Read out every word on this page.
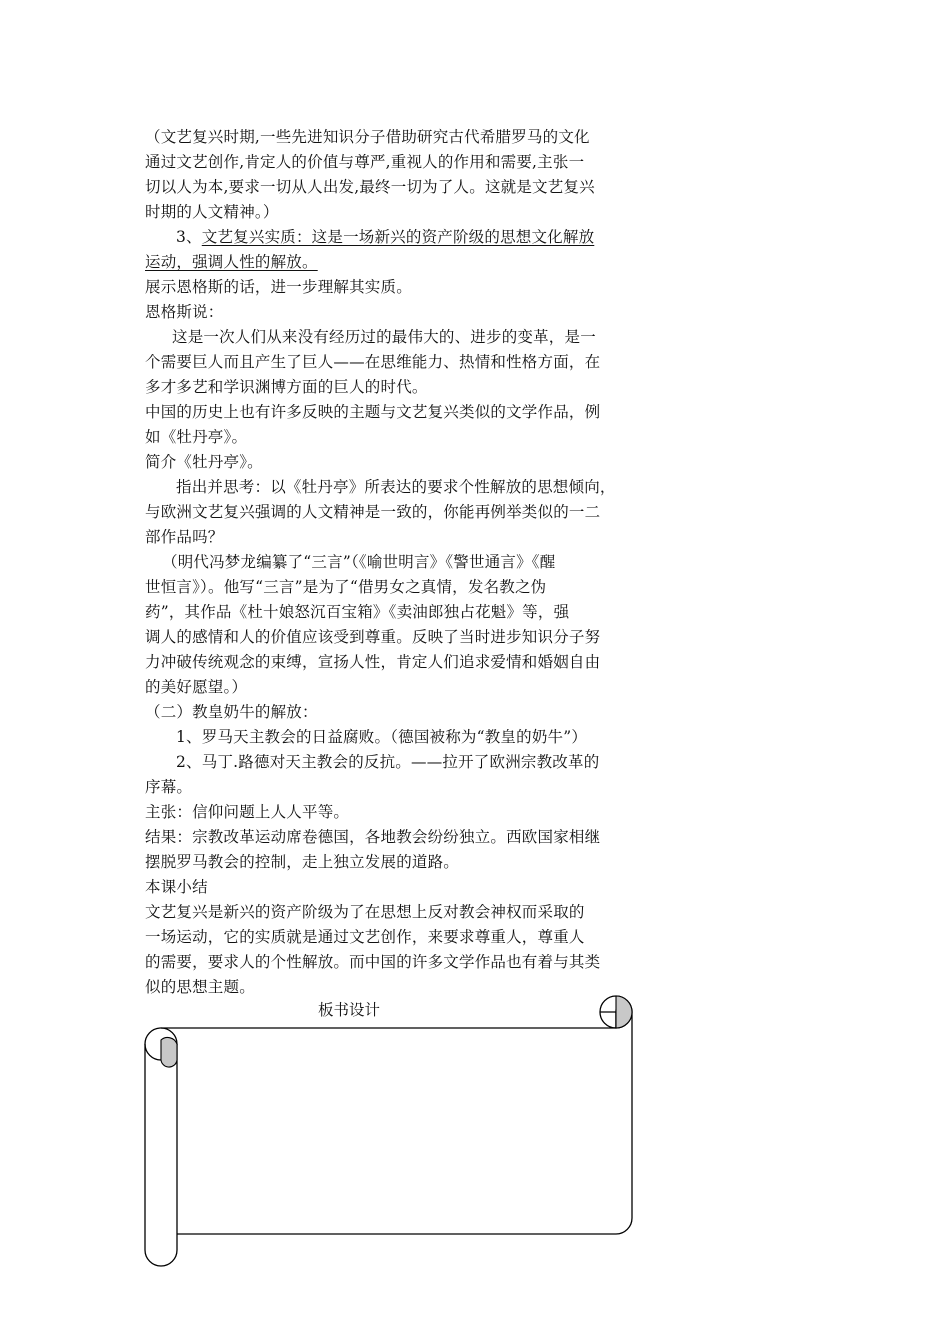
（文艺复兴时期,一些先进知识分子借助研究古代希腊罗马的文化
通过文艺创作,肯定人的价值与尊严,重视人的作用和需要,主张一
切以人为本,要求一切从人出发,最终一切为了人。这就是文艺复兴
时期的人文精神。）
3、文艺复兴实质：这是一场新兴的资产阶级的思想文化解放
运动，强调人性的解放。
展示恩格斯的话，进一步理解其实质。
恩格斯说：
这是一次人们从来没有经历过的最伟大的、进步的变革，是一
个需要巨人而且产生了巨人——在思维能力、热情和性格方面，在
多才多艺和学识渊博方面的巨人的时代。
中国的历史上也有许多反映的主题与文艺复兴类似的文学作品，例
如《牡丹亭》。
简介《牡丹亭》。
指出并思考：以《牡丹亭》所表达的要求个性解放的思想倾向，
与欧洲文艺复兴强调的人文精神是一致的，你能再例举类似的一二
部作品吗？
（明代冯梦龙编纂了“三言”（《喻世明言》《警世通言》《醒
世恒言》）。他写“三言”是为了“借男女之真情，发名教之伪
药”，其作品《杜十娘怒沉百宝箱》《卖油郎独占花魁》等，强
调人的感情和人的价值应该受到尊重。反映了当时进步知识分子努
力冲破传统观念的束缚，宣扬人性，肯定人们追求爱情和婚姻自由
的美好愿望。）
（二）教皇奶牛的解放：
1、罗马天主教会的日益腐败。（德国被称为“教皇的奶牛”）
2、马丁.路德对天主教会的反抗。——拉开了欧洲宗教改革的
序幕。
主张：信仰问题上人人平等。
结果：宗教改革运动席卷德国，各地教会纷纷独立。西欧国家相继
摆脱罗马教会的控制，走上独立发展的道路。
本课小结
文艺复兴是新兴的资产阶级为了在思想上反对教会神权而采取的
一场运动，它的实质就是通过文艺创作，来要求尊重人，尊重人
的需要，要求人的个性解放。而中国的许多文学作品也有着与其类
似的思想主题。
板书设计
